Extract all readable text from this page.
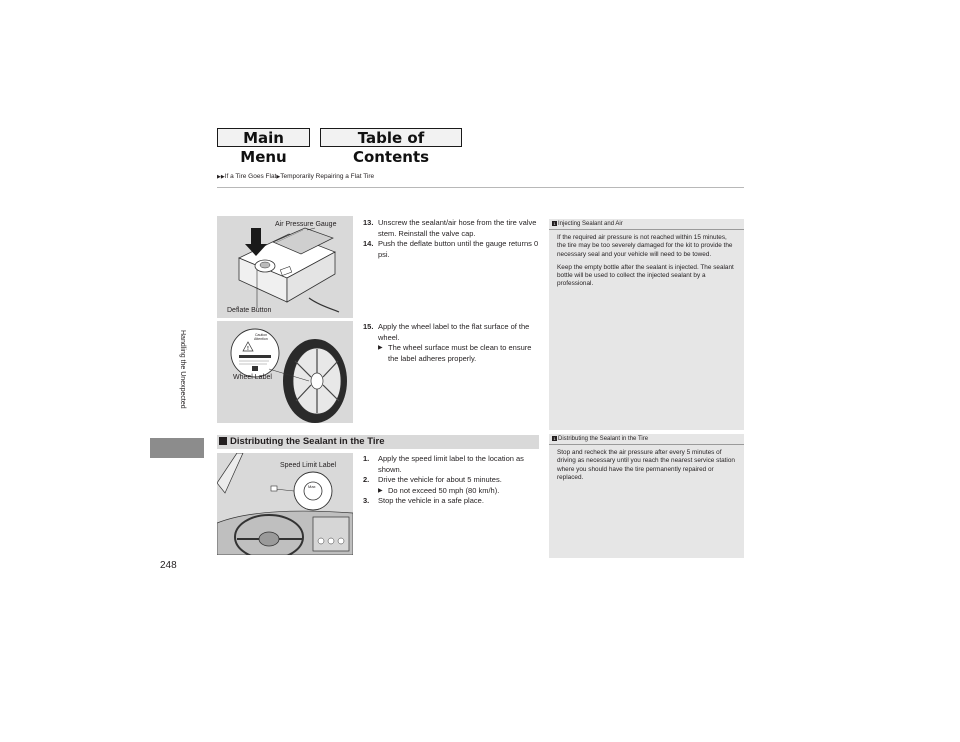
Main Menu
Table of Contents
▶▶If a Tire Goes Flat▶Temporarily Repairing a Flat Tire
Handling the Unexpected
248
Air Pressure Gauge
Deflate Button
!
Caution
Attention
Wheel Label
13. Unscrew the sealant/air hose from the tire valve stem. Reinstall the valve cap.
14. Push the deflate button until the gauge returns 0 psi.
15. Apply the wheel label to the flat surface of the wheel.
▶ The wheel surface must be clean to ensure the label adheres properly.
Distributing the Sealant in the Tire
Speed Limit Label
Max
1. Apply the speed limit label to the location as shown.
2. Drive the vehicle for about 5 minutes.
▶ Do not exceed 50 mph (80 km/h).
3. Stop the vehicle in a safe place.
1 Injecting Sealant and Air

If the required air pressure is not reached within 15 minutes, the tire may be too severely damaged for the kit to provide the necessary seal and your vehicle will need to be towed.

Keep the empty bottle after the sealant is injected. The sealant bottle will be used to collect the injected sealant by a professional.

1 Distributing the Sealant in the Tire

Stop and recheck the air pressure after every 5 minutes of driving as necessary until you reach the nearest service station where you should have the tire permanently repaired or replaced.
